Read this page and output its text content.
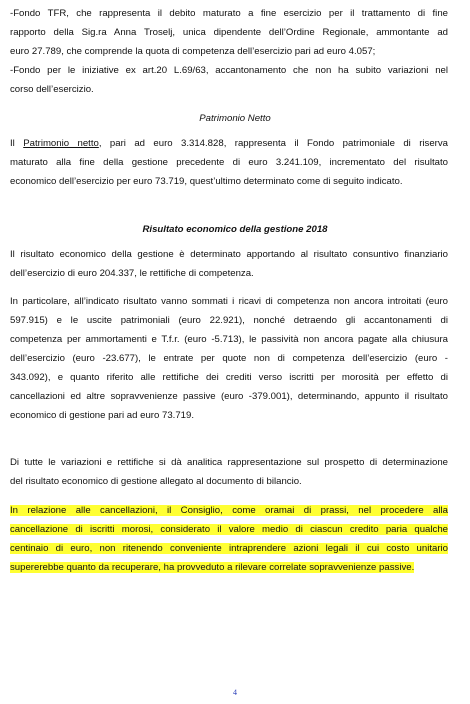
-Fondo TFR, che rappresenta il debito maturato a fine esercizio per il trattamento di fine
rapporto della Sig.ra Anna Troselj, unica dipendente dell’Ordine Regionale, ammontante ad
euro 27.789, che comprende la quota di competenza dell’esercizio pari ad euro 4.057;
-Fondo per le iniziative ex art.20 L.69/63, accantonamento che non ha subito variazioni nel
corso dell’esercizio.

Patrimonio Netto

Il Patrimonio netto, pari ad euro 3.314.828, rappresenta il Fondo patrimoniale di riserva
maturato alla fine della gestione precedente di euro 3.241.109, incrementato del risultato
economico dell’esercizio per euro 73.719, quest’ultimo determinato come di seguito indicato.

Risultato economico della gestione 2018

Il risultato economico della gestione è determinato apportando al risultato consuntivo finanziario
dell’esercizio di euro 204.337, le rettifiche di competenza.
In particolare, all’indicato risultato vanno sommati i ricavi di competenza non ancora introitati (euro
597.915) e le uscite patrimoniali (euro 22.921), nonché detraendo gli accantonamenti di
competenza per ammortamenti e T.f.r. (euro -5.713), le passività non ancora pagate alla chiusura
dell’esercizio (euro -23.677), le entrate per quote non di competenza dell’esercizio (euro -
343.092), e quanto riferito alle rettifiche dei crediti verso iscritti per morosità per effetto di
cancellazioni ed altre sopravvenienze passive (euro -379.001), determinando, appunto il risultato
economico di gestione pari ad euro 73.719.
Di tutte le variazioni e rettifiche si dà analitica rappresentazione sul prospetto di determinazione
del risultato economico di gestione allegato al documento di bilancio.
In relazione alle cancellazioni, il Consiglio, come oramai di prassi, nel procedere alla
cancellazione di iscritti morosi, considerato il valore medio di ciascun credito paria qualche
centinaio di euro, non ritenendo conveniente intraprendere azioni legali il cui costo unitario
supererebbe quanto da recuperare, ha provveduto a rilevare correlate sopravvenienze passive.
4
